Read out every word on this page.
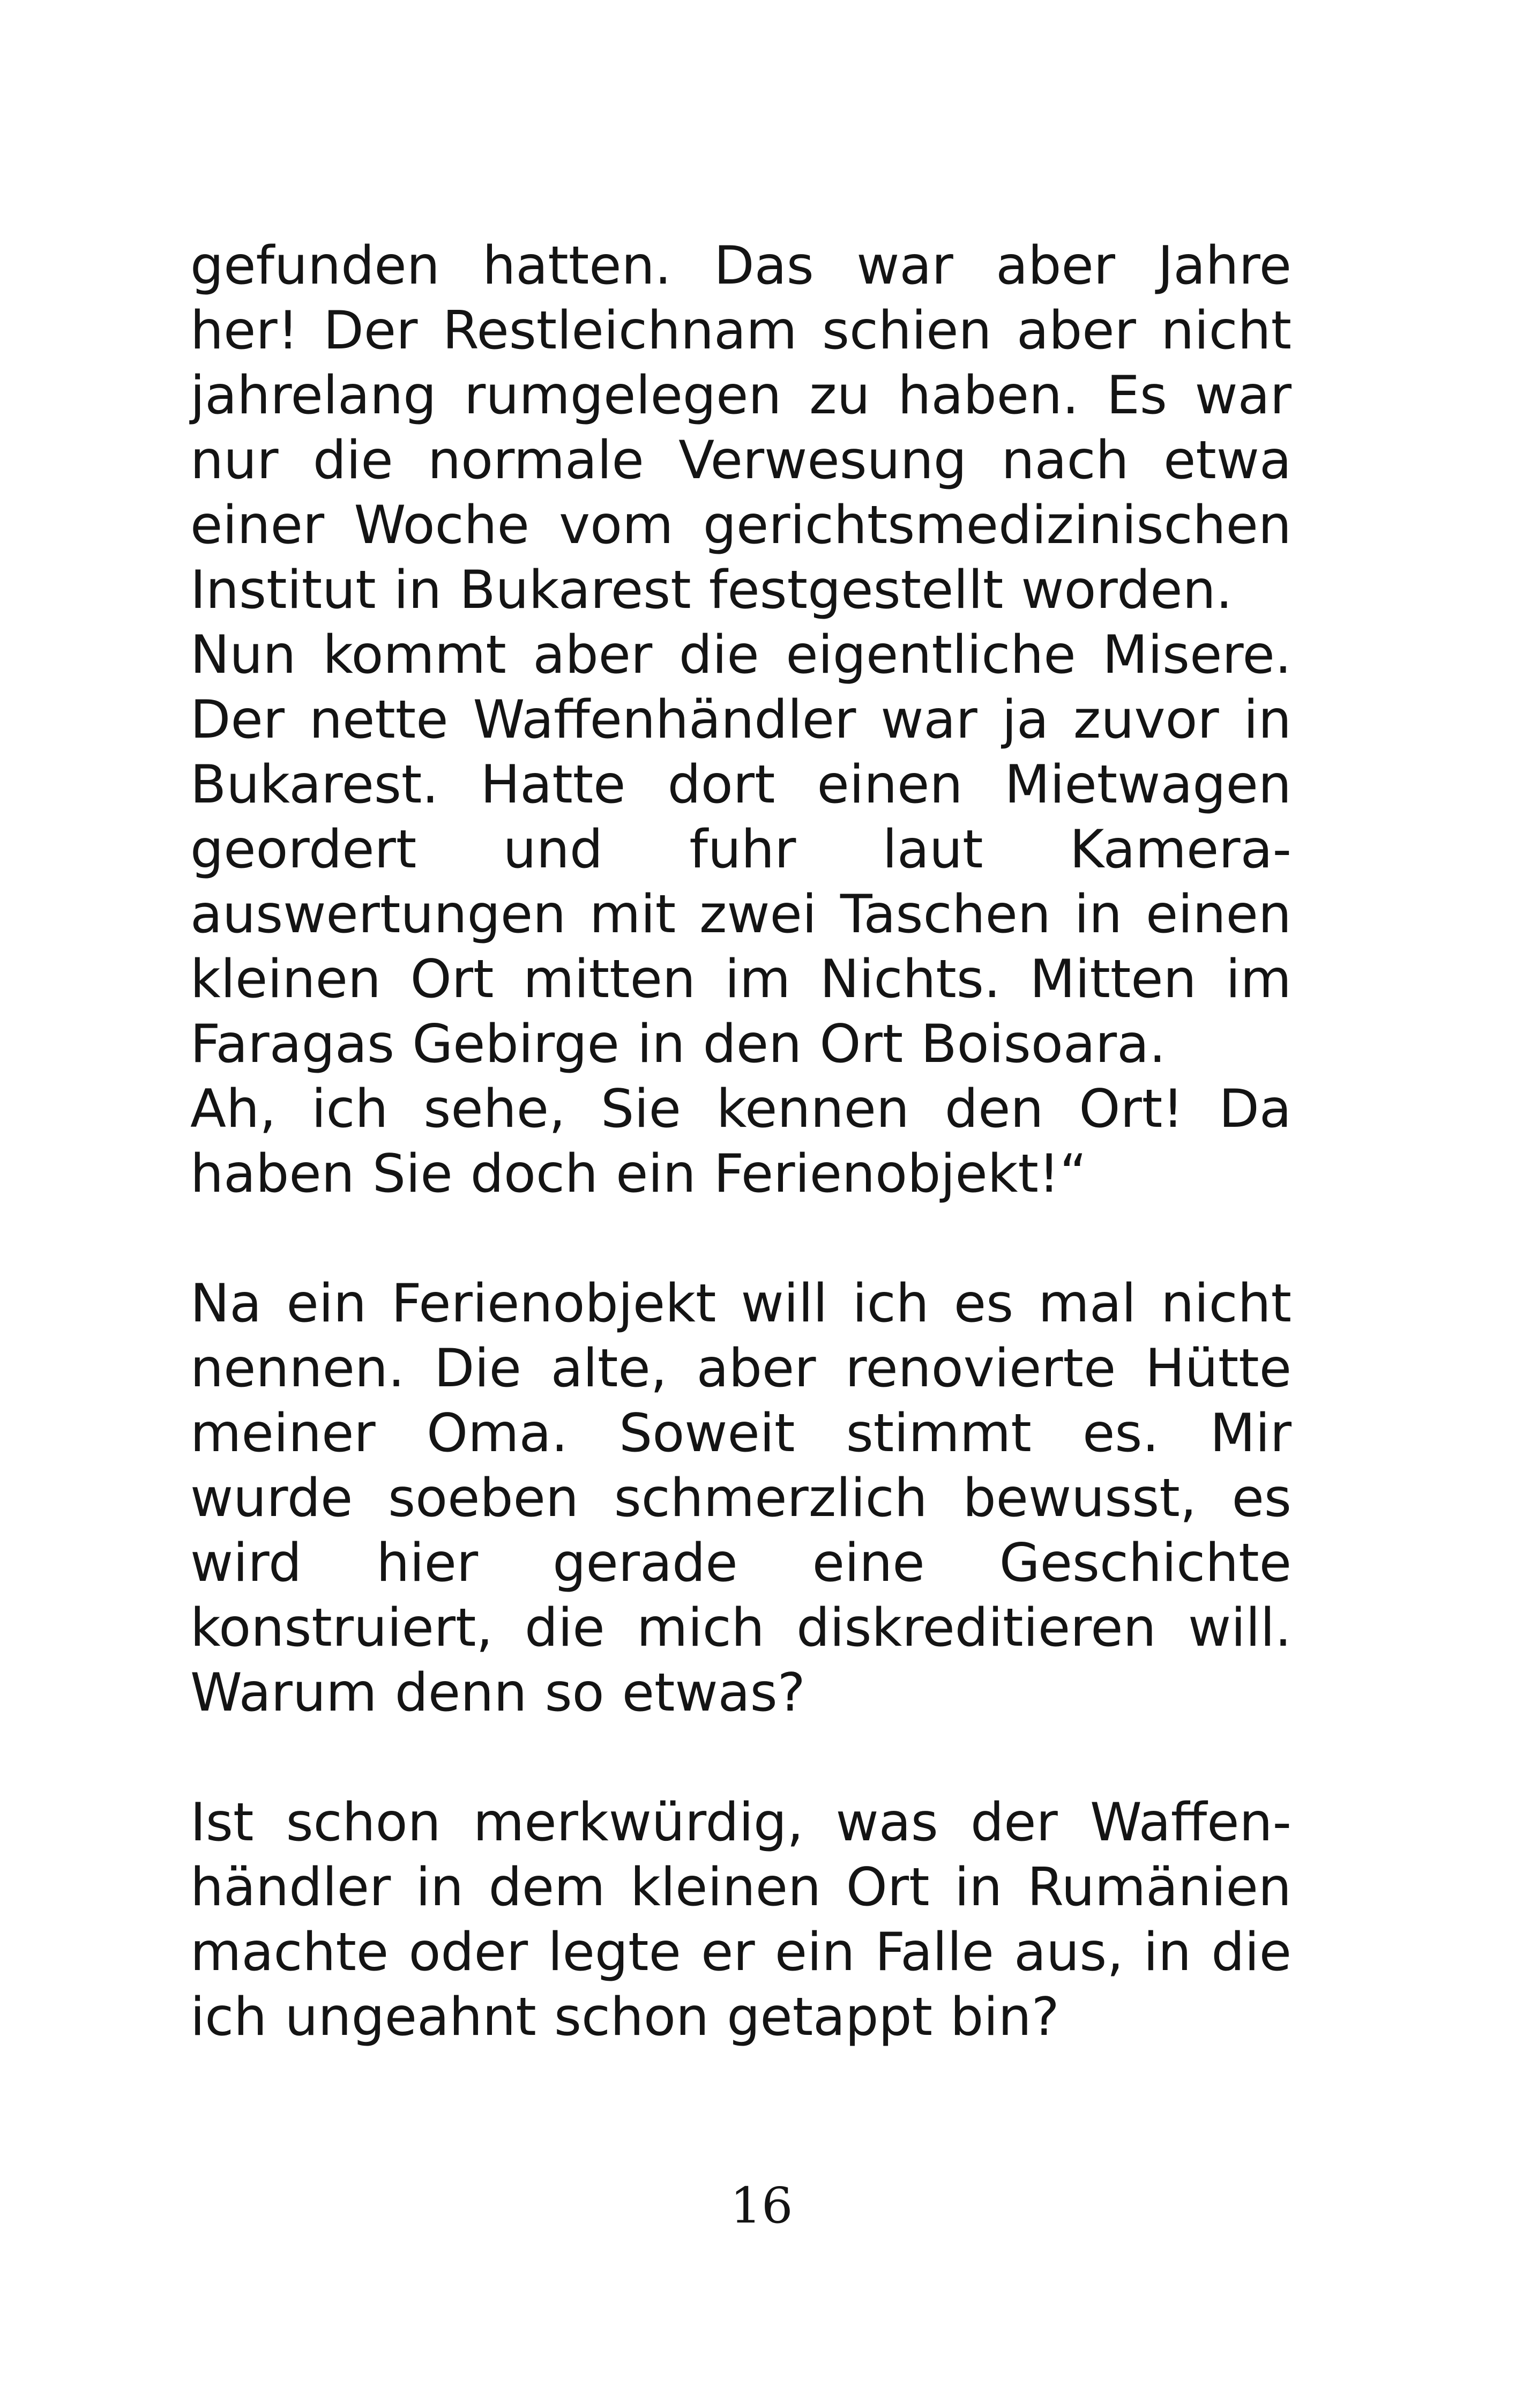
gefunden hatten. Das war aber Jahre her! Der Restleichnam schien aber nicht jahrelang rumgelegen zu haben. Es war nur die normale Verwesung nach etwa einer Woche vom gerichtsmedizinischen Institut in Bukarest festgestellt worden.

Nun kommt aber die eigentliche Misere. Der nette Waffenhändler war ja zuvor in Bukarest. Hatte dort einen Mietwagen geordert und fuhr laut Kamera-auswertungen mit zwei Taschen in einen kleinen Ort mitten im Nichts. Mitten im Faragas Gebirge in den Ort Boisoara.

Ah, ich sehe, Sie kennen den Ort! Da haben Sie doch ein Ferienobjekt!“

Na ein Ferienobjekt will ich es mal nicht nennen. Die alte, aber renovierte Hütte meiner Oma. Soweit stimmt es. Mir wurde soeben schmerzlich bewusst, es wird hier gerade eine Geschichte konstruiert, die mich diskreditieren will. Warum denn so etwas?

Ist schon merkwürdig, was der Waffen-händler in dem kleinen Ort in Rumänien machte oder legte er ein Falle aus, in die ich ungeahnt schon getappt bin?

16
